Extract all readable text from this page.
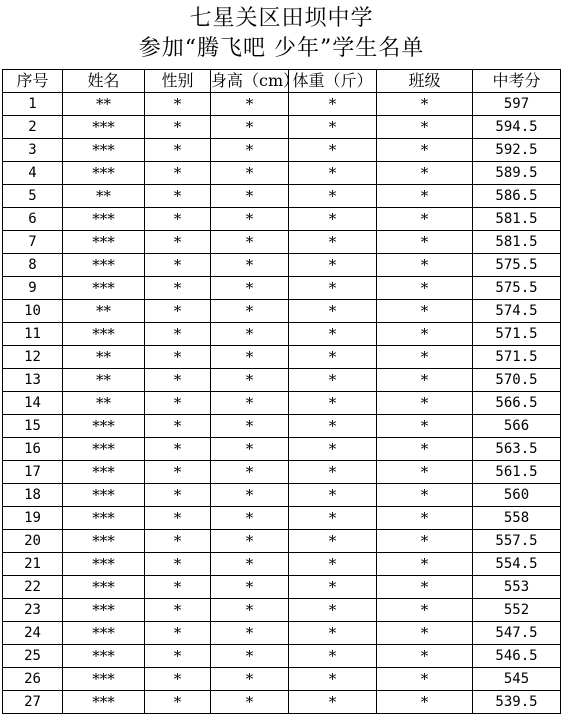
七星关区田坝中学
参加“腾飞吧 少年”学生名单
序号	姓名	性别	身高（cm）	体重（斤）	班级	中考分
1	**	*	*	*	*	597
2	***	*	*	*	*	594.5
3	***	*	*	*	*	592.5
4	***	*	*	*	*	589.5
5	**	*	*	*	*	586.5
6	***	*	*	*	*	581.5
7	***	*	*	*	*	581.5
8	***	*	*	*	*	575.5
9	***	*	*	*	*	575.5
10	**	*	*	*	*	574.5
11	***	*	*	*	*	571.5
12	**	*	*	*	*	571.5
13	**	*	*	*	*	570.5
14	**	*	*	*	*	566.5
15	***	*	*	*	*	566
16	***	*	*	*	*	563.5
17	***	*	*	*	*	561.5
18	***	*	*	*	*	560
19	***	*	*	*	*	558
20	***	*	*	*	*	557.5
21	***	*	*	*	*	554.5
22	***	*	*	*	*	553
23	***	*	*	*	*	552
24	***	*	*	*	*	547.5
25	***	*	*	*	*	546.5
26	***	*	*	*	*	545
27	***	*	*	*	*	539.5
